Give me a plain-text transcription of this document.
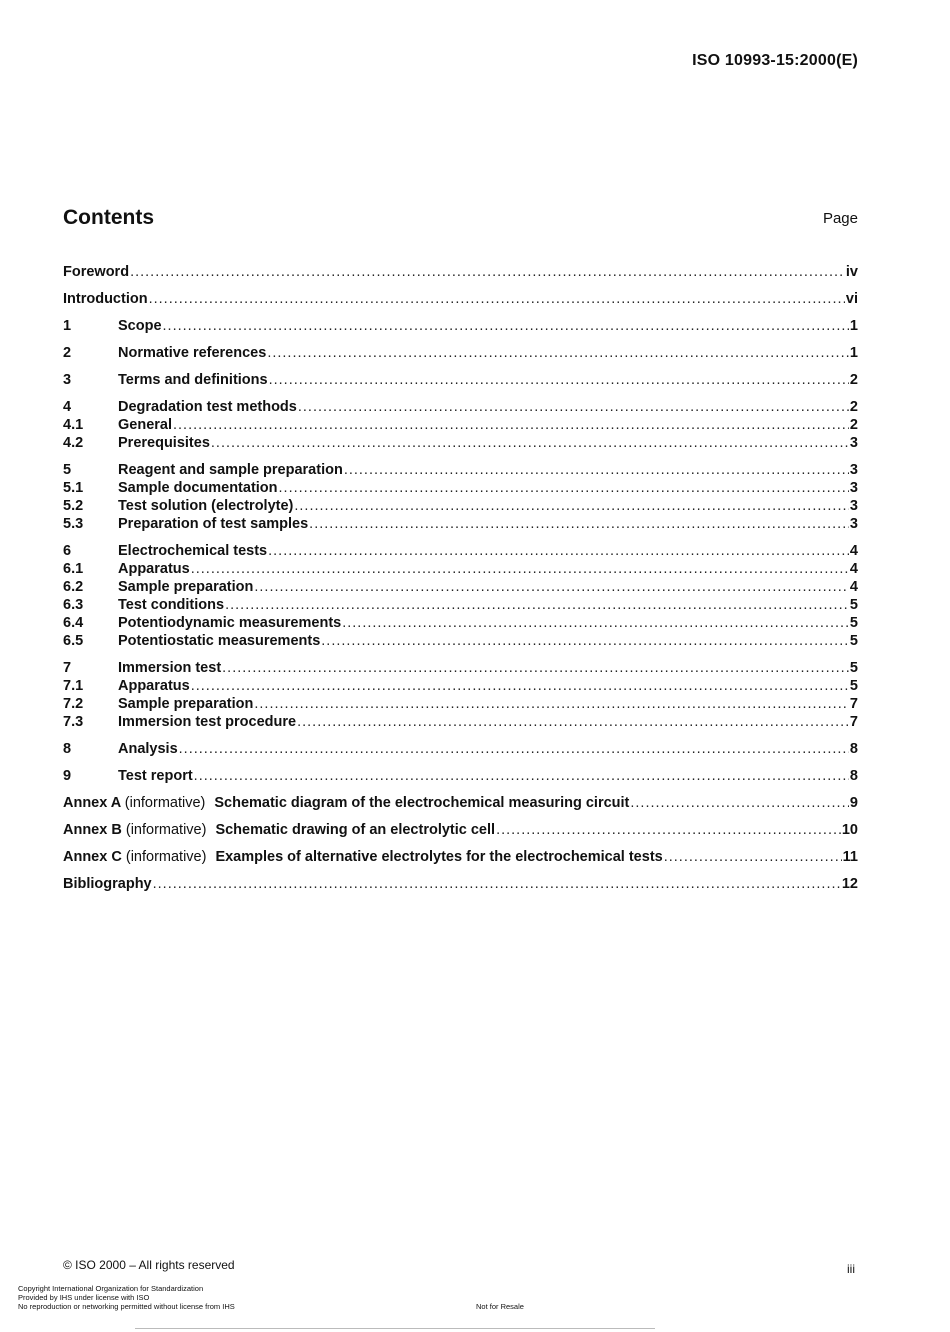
ISO 10993-15:2000(E)
Contents	Page
Foreword .....	iv
Introduction .....	vi
1	Scope .....	1
2	Normative references .....	1
3	Terms and definitions .....	2
4	Degradation test methods .....	2
4.1	General .....	2
4.2	Prerequisites .....	3
5	Reagent and sample preparation .....	3
5.1	Sample documentation .....	3
5.2	Test solution (electrolyte) .....	3
5.3	Preparation of test samples .....	3
6	Electrochemical tests .....	4
6.1	Apparatus .....	4
6.2	Sample preparation .....	4
6.3	Test conditions .....	5
6.4	Potentiodynamic measurements .....	5
6.5	Potentiostatic measurements .....	5
7	Immersion test .....	5
7.1	Apparatus .....	5
7.2	Sample preparation .....	7
7.3	Immersion test procedure .....	7
8	Analysis .....	8
9	Test report .....	8
Annex A (informative) Schematic diagram of the electrochemical measuring circuit .....	9
Annex B (informative) Schematic drawing of an electrolytic cell .....	10
Annex C (informative) Examples of alternative electrolytes for the electrochemical tests .....	11
Bibliography .....	12
© ISO 2000 – All rights reserved	iii
Copyright International Organization for Standardization
Provided by IHS under license with ISO
No reproduction or networking permitted without license from IHS	Not for Resale
